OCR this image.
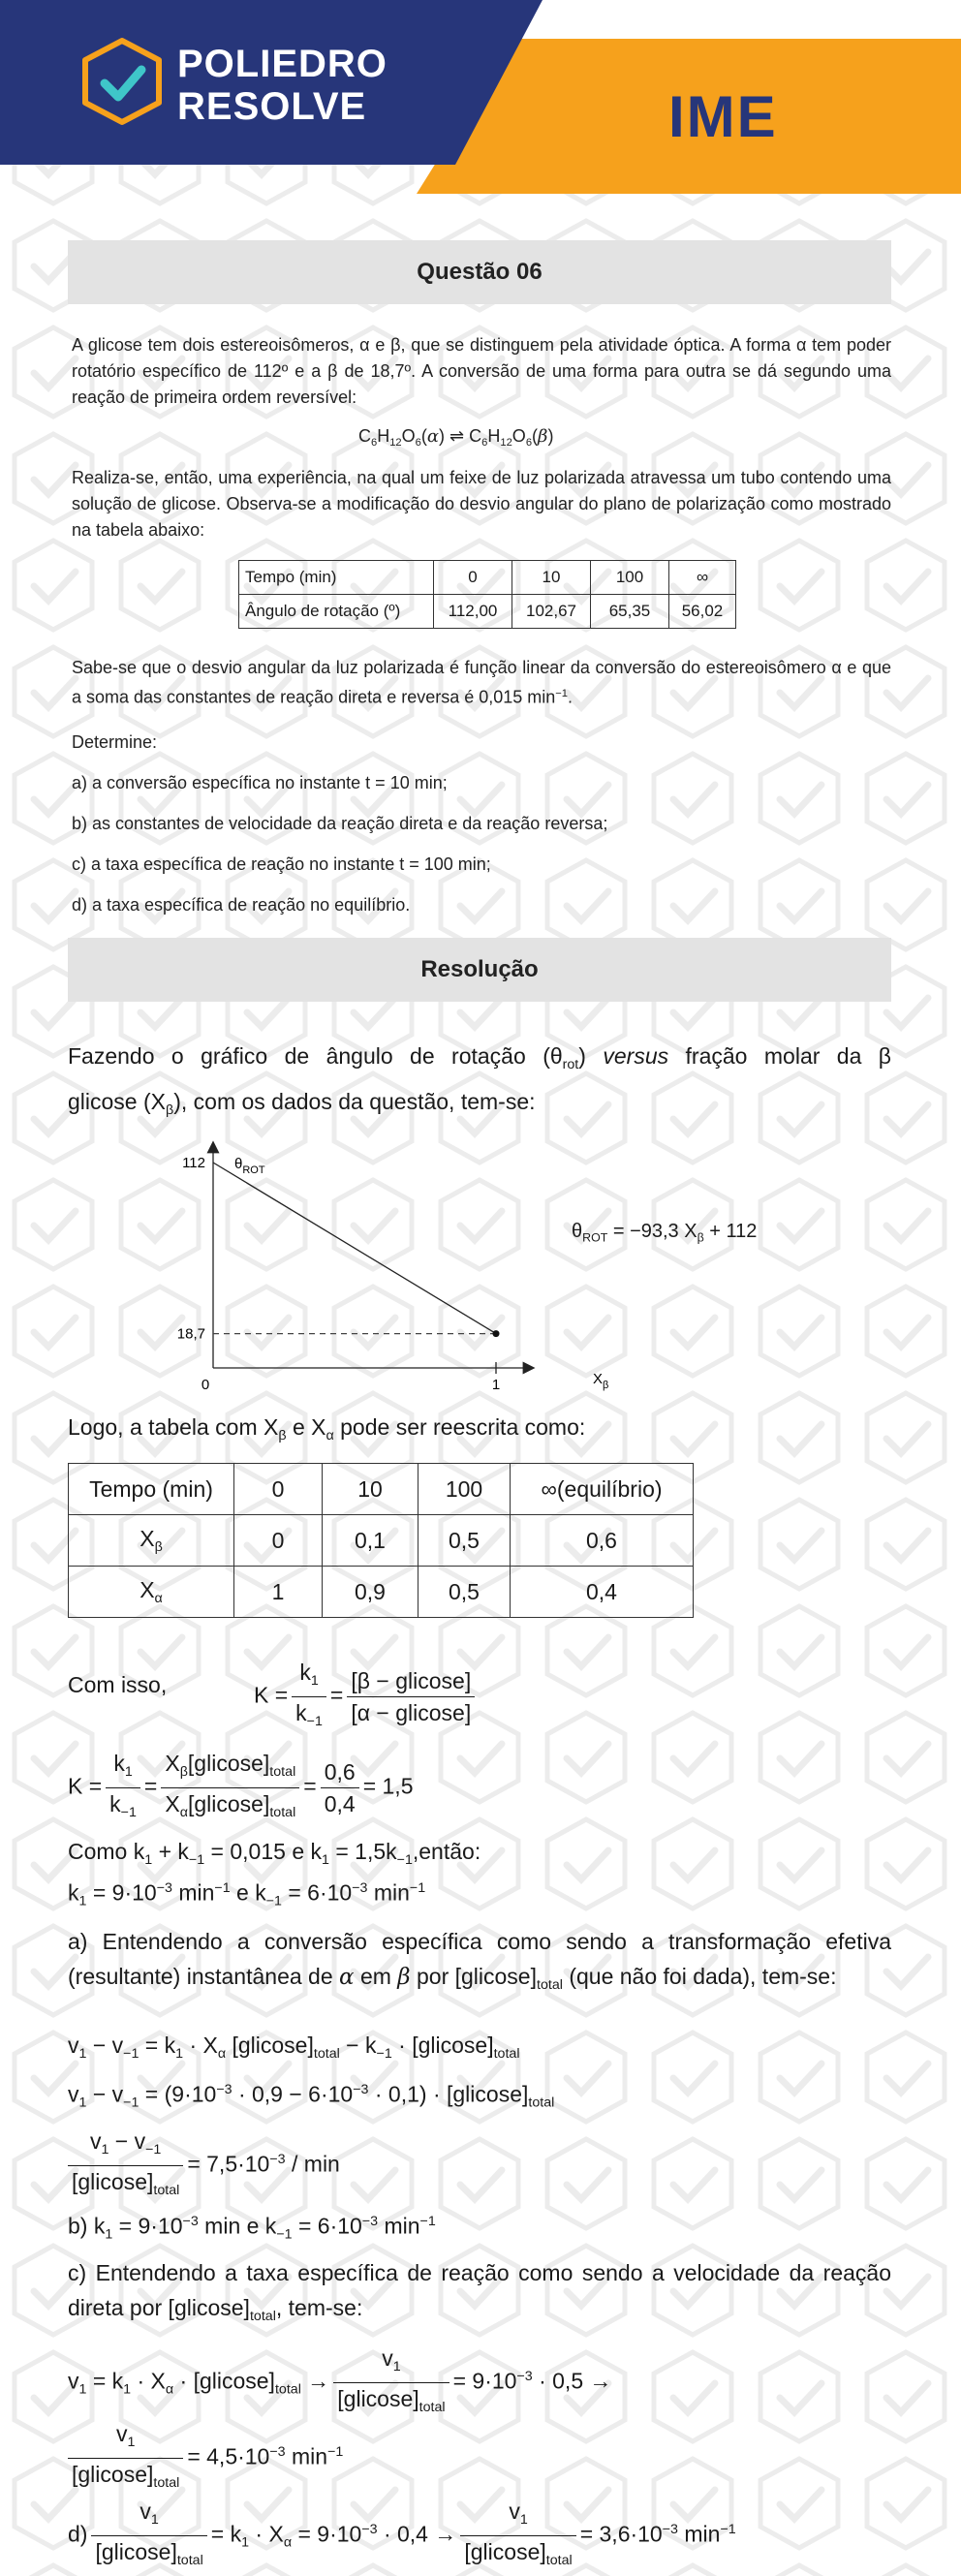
POLIEDRO
RESOLVE	IME
Questão 06
A glicose tem dois estereoisômeros, α e β, que se distinguem pela atividade óptica. A forma α tem poder rotatório específico de 112º e a β de 18,7º. A conversão de uma forma para outra se dá segundo uma reação de primeira ordem reversível:
$C_6H_{12}O_6(\alpha)$ ⇌ $C_6H_{12}O_6(\beta)$
Realiza-se, então, uma experiência, na qual um feixe de luz polarizada atravessa um tubo contendo uma solução de glicose. Observa-se a modificação do desvio angular do plano de polarização como mostrado na tabela abaixo:
Tempo (min)	0	10	100	∞
Ângulo de rotação (º)	112,00	102,67	65,35	56,02
Sabe-se que o desvio angular da luz polarizada é função linear da conversão do estereoisômero α e que a soma das constantes de reação direta e reversa é 0,015 $\min^{-1}$.
Determine:
a) a conversão específica no instante t = 10 min;
b) as constantes de velocidade da reação direta e da reação reversa;
c) a taxa específica de reação no instante t = 100 min;
d) a taxa específica de reação no equilíbrio.
Resolução
Fazendo o gráfico de ângulo de rotação $(\theta_{rot})$ versus fração molar da β
glicose $(X_\beta)$, com os dados da questão, tem-se:
112
18,7
0	1
$\theta_{ROT}$
$X_\beta$
$\theta_{ROT} = -93,3$ $X_\beta + 112$
Logo, a tabela com $X_\beta$ e $X_\alpha$ pode ser reescrita como:
Tempo (min)	0	10	100	∞(equilíbrio)
$X_\beta$	0	0,1	0,5	0,6
$X_\alpha$	1	0,9	0,5	0,4
Com isso,	$K = \frac{k_1}{k_{-1}} = \frac{\text{[β − glicose]}}{\text{[α − glicose]}}$
$K = \frac{k_1}{k_{-1}} = \frac{X_\beta[glicose]_{total}}{X_\alpha[glicose]_{total}} = \frac{0,6}{0,4} = 1,5$
Como $k_1 + k_{-1} = 0,015$ e $k_1$ = $1,5k_{-1},então$:
$k_1 = 9\cdot 10^{-3}$ $\min^{-1} e$ $k_{-1} = 6\cdot 10^{-3}$ $\min^{-1}$
a) Entendendo a conversão específica como sendo a transformação efetiva (resultante) instantânea de α em β por $[glicose]_{total}$ (que não foi dada), tem-se:
$v_1 - v_{-1} = k_1 \cdot X_\alpha$ $[glicose]_{total} - k_{-1} \cdot [glicose]_{total}$
$v_1 - v_{-1} = (9\cdot 10^{-3} \cdot 0,9 - 6\cdot 10^{-3} \cdot 0,1) \cdot [glicose]_{total}$
$\frac{v_1 - v_{-1}}{[glicose]_{total}} = 7,5\cdot 10^{-3} / \min$
b) $k_1 = 9\cdot 10^{-3}$ min e $k_{-1} = 6\cdot 10^{-3}$ $\min^{-1}$
c) Entendendo a taxa específica de reação como sendo a velocidade da reação direta por $[glicose]_{total}$, tem-se:
$v_1 = k_1 \cdot X_\alpha \cdot [glicose]_{total} \to \frac{v_1}{[glicose]_{total}} = 9\cdot 10^{-3} \cdot 0,5$ →
$\frac{v_1}{[glicose]_{total}} = 4,5\cdot 10^{-3}$ $\min^{-1}$
$d) \frac{v_1}{[glicose]_{total}} = k_1 \cdot X_\alpha = 9\cdot 10^{-3} \cdot 0,4 \to \frac{v_1}{[glicose]_{total}} = 3,6\cdot 10^{-3}$ $\min^{-1}$
